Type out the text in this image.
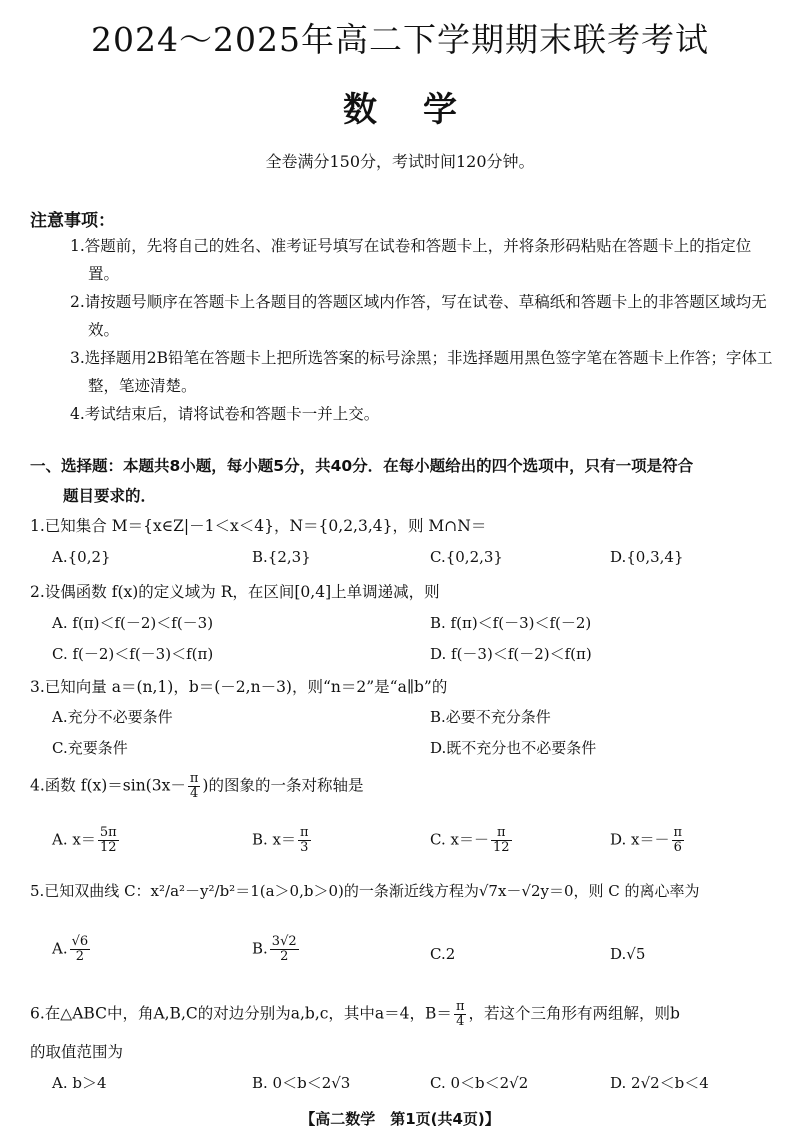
2024～2025年高二下学期期末联考考试
数学
全卷满分150分，考试时间120分钟。
注意事项：

1.答题前，先将自己的姓名、准考证号填写在试卷和答题卡上，并将条形码粘贴在答题卡上的指定位置。

2.请按题号顺序在答题卡上各题目的答题区域内作答，写在试卷、草稿纸和答题卡上的非答题区域均无效。

3.选择题用2B铅笔在答题卡上把所选答案的标号涂黑；非选择题用黑色签字笔在答题卡上作答；字体工整，笔迹清楚。

4.考试结束后，请将试卷和答题卡一并上交。

一、选择题：本题共8小题，每小题5分，共40分．在每小题给出的四个选项中，只有一项是符合
题目要求的．
1.已知集合 M＝{x∈Z|－1＜x＜4}，N＝{0,2,3,4}，则 M∩N＝
A.{0,2}	B.{2,3}	C.{0,2,3}	D.{0,3,4}
2.设偶函数 f(x)的定义域为 R，在区间[0,4]上单调递减，则
A. f(π)＜f(－2)＜f(－3)	B. f(π)＜f(－3)＜f(－2)
C. f(－2)＜f(－3)＜f(π)	D. f(－3)＜f(－2)＜f(π)
3.已知向量 a＝(n,1)，b＝(－2,n－3)，则“n＝2”是“a∥b”的
A.充分不必要条件	B.必要不充分条件
C.充要条件	D.既不充分也不必要条件
4.函数 $f(x)=\sin(3x- \frac{\pi}{4}$ )的图象的一条对称轴是
A. $x= \frac{5\pi}{12}$	B. $x= \frac{\pi}{3}$	C. $x=- \frac{\pi}{12}$	D. $x=- \frac{\pi}{6}$
5.已知双曲线 C：x²/a²－y²/b²＝1(a＞0,b＞0)的一条渐近线方程为√7x－√2y＝0，则 C 的离心率为
A. $\frac{√6}{2}$	B. $\frac{3√2}{2}$	C.2	D.√5
6.在△ABC中，角A,B,C的对边分别为a,b,c，其中a＝4，$B= \frac{\pi}{4}$ ，若这个三角形有两组解，则b
的取值范围为
A. b＞4	B. 0＜b＜2√3	C. 0＜b＜2√2	D. 2√2＜b＜4
【高二数学　第1页(共4页)】
